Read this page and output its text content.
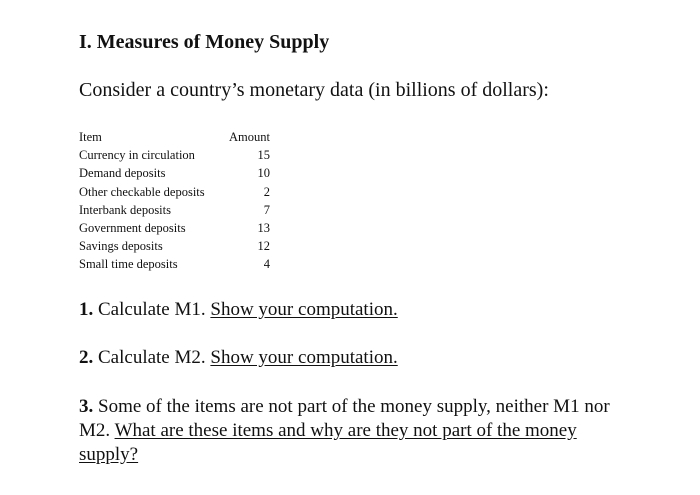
I. Measures of Money Supply

Consider a country’s monetary data (in billions of dollars):

Item	Amount
Currency in circulation	15
Demand deposits	10
Other checkable deposits	2
Interbank deposits	7
Government deposits	13
Savings deposits	12
Small time deposits	4

1. Calculate M1. Show your computation.

2. Calculate M2. Show your computation.

3. Some of the items are not part of the money supply, neither M1 nor M2. What are these items and why are they not part of the money supply?
